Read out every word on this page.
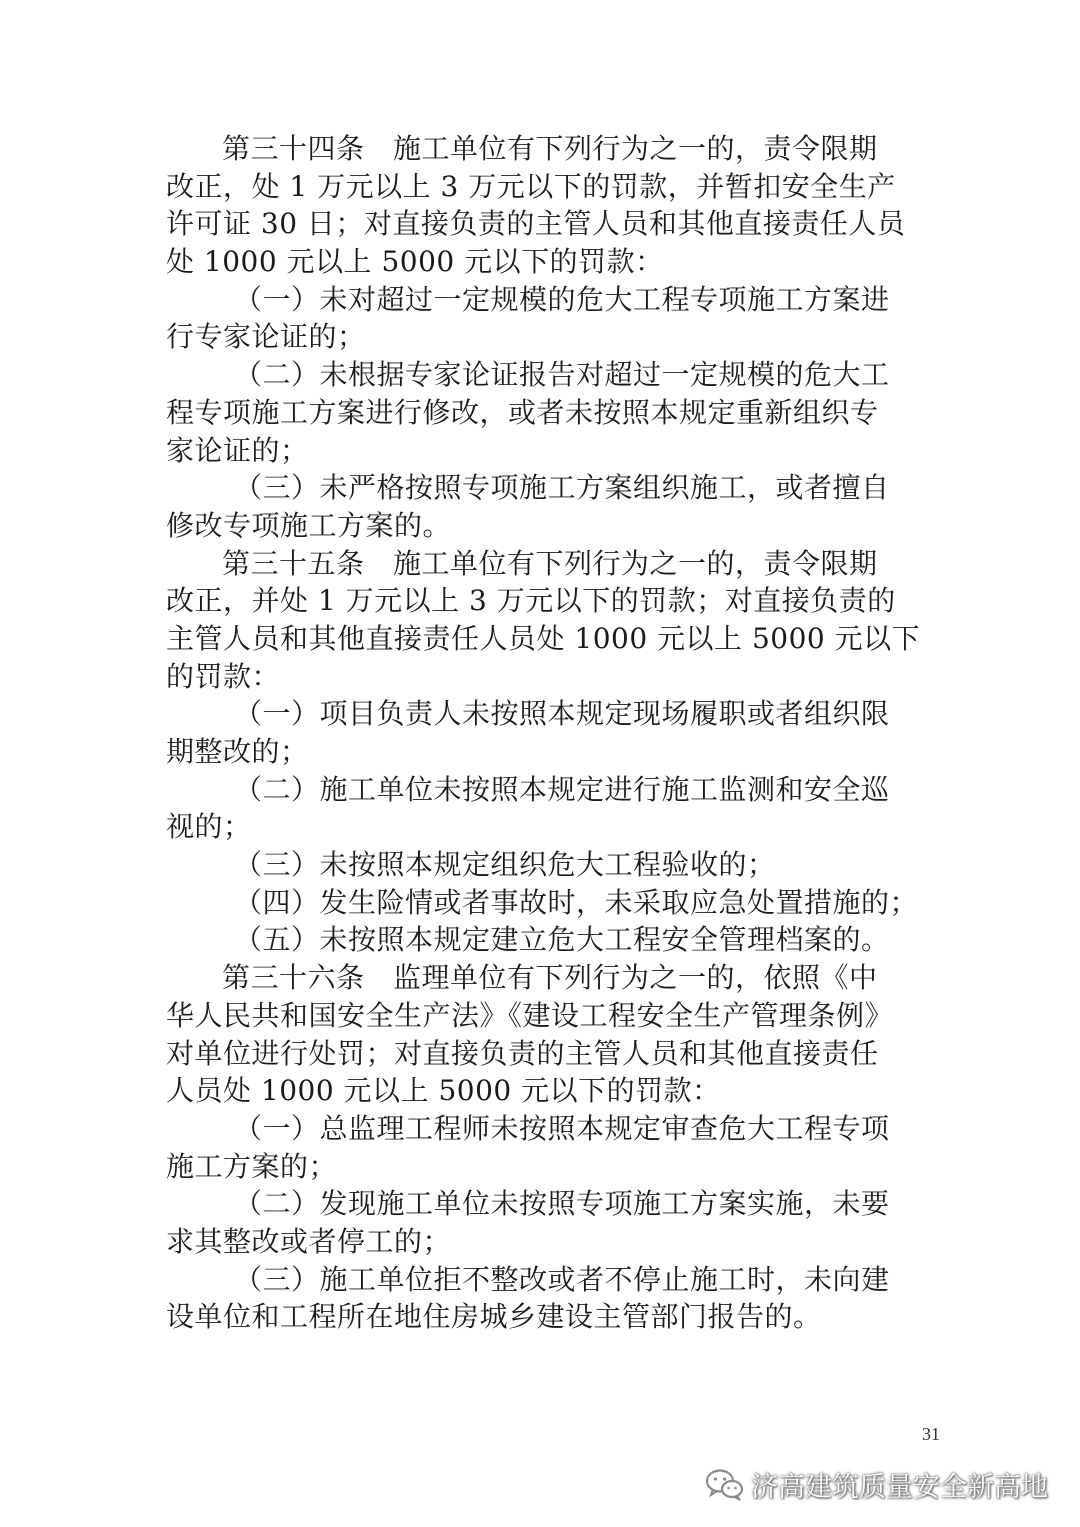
第三十四条　施工单位有下列行为之一的，责令限期
改正，处 1 万元以上 3 万元以下的罚款，并暂扣安全生产
许可证 30 日；对直接负责的主管人员和其他直接责任人员
处 1000 元以上 5000 元以下的罚款：
（一）未对超过一定规模的危大工程专项施工方案进
行专家论证的；
（二）未根据专家论证报告对超过一定规模的危大工
程专项施工方案进行修改，或者未按照本规定重新组织专
家论证的；
（三）未严格按照专项施工方案组织施工，或者擅自
修改专项施工方案的。
第三十五条　施工单位有下列行为之一的，责令限期
改正，并处 1 万元以上 3 万元以下的罚款；对直接负责的
主管人员和其他直接责任人员处 1000 元以上 5000 元以下
的罚款：
（一）项目负责人未按照本规定现场履职或者组织限
期整改的；
（二）施工单位未按照本规定进行施工监测和安全巡
视的；
（三）未按照本规定组织危大工程验收的；
（四）发生险情或者事故时，未采取应急处置措施的；
（五）未按照本规定建立危大工程安全管理档案的。
第三十六条　监理单位有下列行为之一的，依照《中
华人民共和国安全生产法》《建设工程安全生产管理条例》
对单位进行处罚；对直接负责的主管人员和其他直接责任
人员处 1000 元以上 5000 元以下的罚款：
（一）总监理工程师未按照本规定审查危大工程专项
施工方案的；
（二）发现施工单位未按照专项施工方案实施，未要
求其整改或者停工的；
（三）施工单位拒不整改或者不停止施工时，未向建
设单位和工程所在地住房城乡建设主管部门报告的。
31
济高建筑质量安全新高地
